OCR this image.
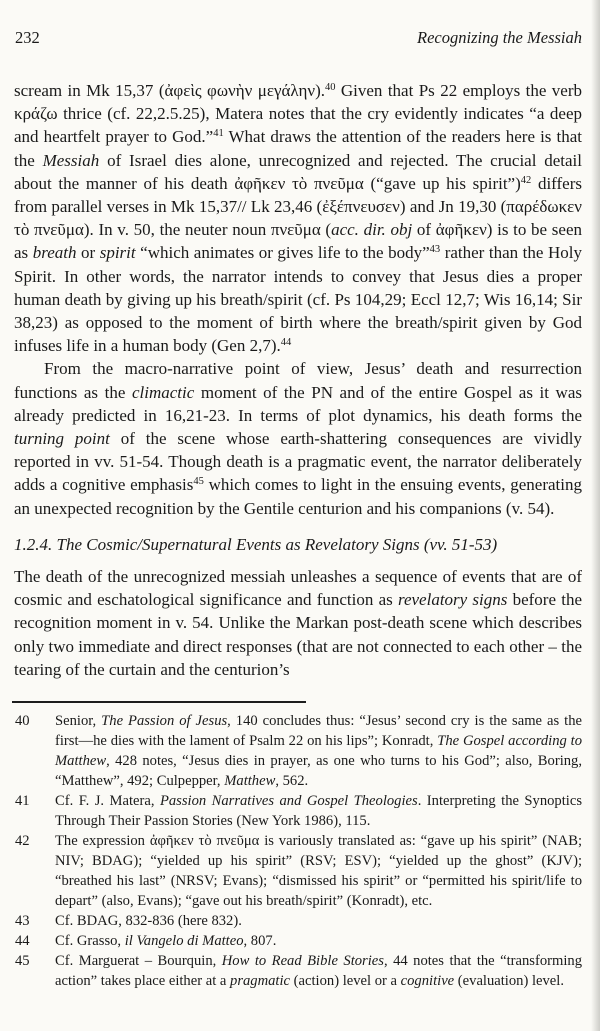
232	Recognizing the Messiah
scream in Mk 15,37 (ἀφεὶς φωνὴν μεγάλην).$^{40}$ Given that Ps 22 employs the verb κράζω thrice (cf. 22,2.5.25), Matera notes that the cry evidently indicates “a deep and heartfelt prayer to God.”$^{41}$ What draws the attention of the readers here is that the Messiah of Israel dies alone, unrecognized and rejected. The crucial detail about the manner of his death ἀφῆκεν τὸ πνεῦμα (“gave up his spirit”)$^{42}$ differs from parallel verses in Mk 15,37// Lk 23,46 (ἐξέπνευσεν) and Jn 19,30 (παρέδωκεν τὸ πνεῦμα). In v. 50, the neuter noun πνεῦμα (acc. dir. obj of ἀφῆκεν) is to be seen as breath or spirit “which animates or gives life to the body”$^{43}$ rather than the Holy Spirit. In other words, the narrator intends to convey that Jesus dies a proper human death by giving up his breath/spirit (cf. Ps 104,29; Eccl 12,7; Wis 16,14; Sir 38,23) as opposed to the moment of birth where the breath/spirit given by God infuses life in a human body (Gen 2,7).$^{44}$
From the macro-narrative point of view, Jesus’ death and resurrection functions as the climactic moment of the PN and of the entire Gospel as it was already predicted in 16,21-23. In terms of plot dynamics, his death forms the turning point of the scene whose earth-shattering consequences are vividly reported in vv. 51-54. Though death is a pragmatic event, the narrator deliberately adds a cognitive emphasis$^{45}$ which comes to light in the ensuing events, generating an unexpected recognition by the Gentile centurion and his companions (v. 54).
1.2.4. The Cosmic/Supernatural Events as Revelatory Signs (vv. 51-53)
The death of the unrecognized messiah unleashes a sequence of events that are of cosmic and eschatological significance and function as revelatory signs before the recognition moment in v. 54. Unlike the Markan post-death scene which describes only two immediate and direct responses (that are not connected to each other – the tearing of the curtain and the centurion’s
40	Senior, The Passion of Jesus, 140 concludes thus: “Jesus’ second cry is the same as the first—he dies with the lament of Psalm 22 on his lips”; Konradt, The Gospel according to Matthew, 428 notes, “Jesus dies in prayer, as one who turns to his God”; also, Boring, “Matthew”, 492; Culpepper, Matthew, 562.
41	Cf. F. J. Matera, Passion Narratives and Gospel Theologies. Interpreting the Synoptics Through Their Passion Stories (New York 1986), 115.
42	The expression ἀφῆκεν τὸ πνεῦμα is variously translated as: “gave up his spirit” (NAB; NIV; BDAG); “yielded up his spirit” (RSV; ESV); “yielded up the ghost” (KJV); “breathed his last” (NRSV; Evans); “dismissed his spirit” or “permitted his spirit/life to depart” (also, Evans); “gave out his breath/spirit” (Konradt), etc.
43	Cf. BDAG, 832-836 (here 832).
44	Cf. Grasso, il Vangelo di Matteo, 807.
45	Cf. Marguerat – Bourquin, How to Read Bible Stories, 44 notes that the “transforming action” takes place either at a pragmatic (action) level or a cognitive (evaluation) level.
